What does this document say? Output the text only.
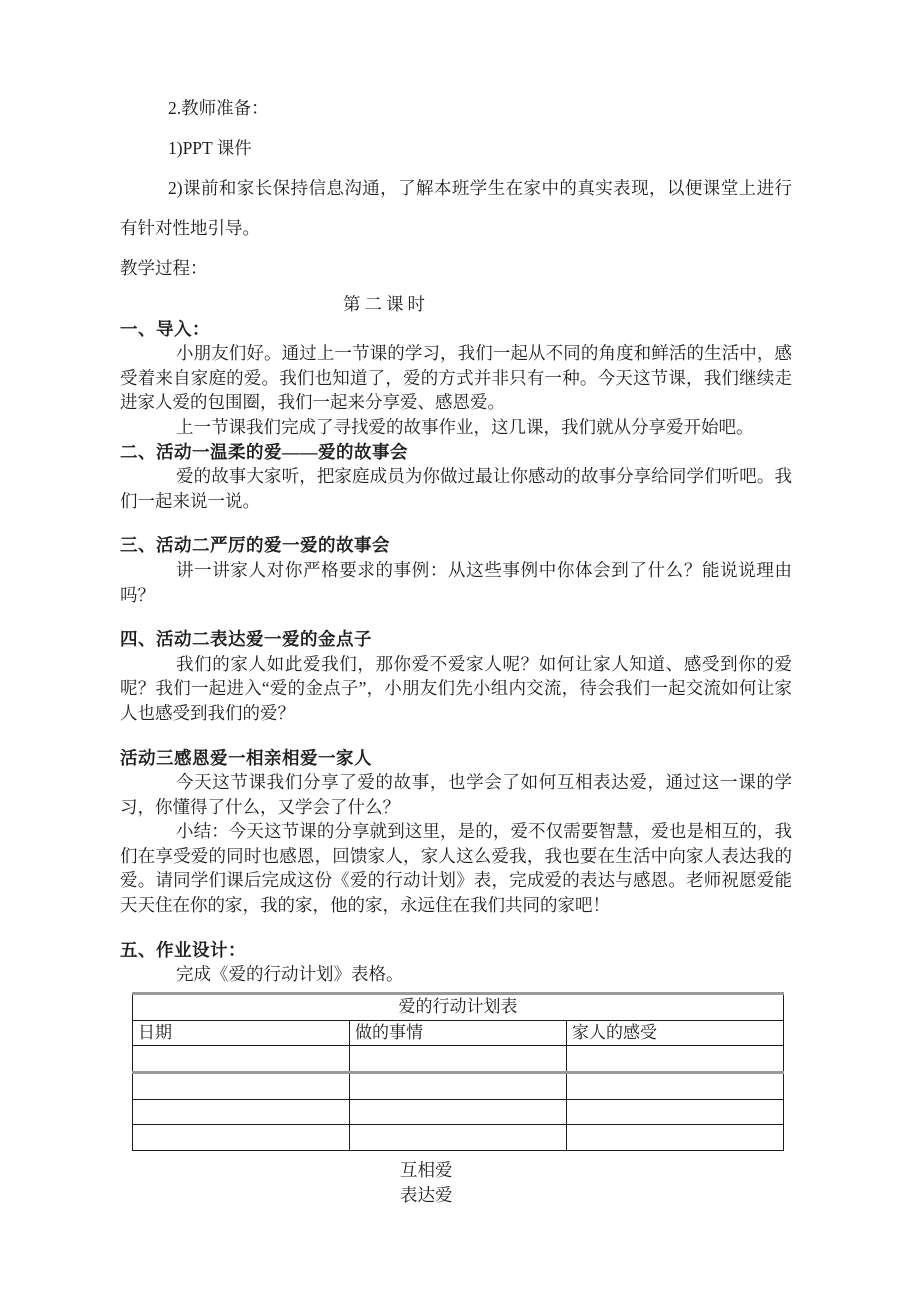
2.教师准备：

1)PPT 课件

2)课前和家长保持信息沟通，了解本班学生在家中的真实表现，以便课堂上进行有针对性地引导。

教学过程：

第二课时

一、导入：

小朋友们好。通过上一节课的学习，我们一起从不同的角度和鲜活的生活中，感受着来自家庭的爱。我们也知道了，爱的方式并非只有一种。今天这节课，我们继续走进家人爱的包围圈，我们一起来分享爱、感恩爱。

上一节课我们完成了寻找爱的故事作业，这几课，我们就从分享爱开始吧。

二、活动一温柔的爱——爱的故事会

爱的故事大家听，把家庭成员为你做过最让你感动的故事分享给同学们听吧。我们一起来说一说。

三、活动二严厉的爱一爱的故事会

讲一讲家人对你严格要求的事例：从这些事例中你体会到了什么？能说说理由吗？

四、活动二表达爱一爱的金点子

我们的家人如此爱我们，那你爱不爱家人呢？如何让家人知道、感受到你的爱呢？我们一起进入“爱的金点子”，小朋友们先小组内交流，待会我们一起交流如何让家人也感受到我们的爱？

活动三感恩爱一相亲相爱一家人

今天这节课我们分享了爱的故事，也学会了如何互相表达爱，通过这一课的学习，你懂得了什么，又学会了什么？

小结：今天这节课的分享就到这里，是的，爱不仅需要智慧，爱也是相互的，我们在享受爱的同时也感恩，回馈家人，家人这么爱我，我也要在生活中向家人表达我的爱。请同学们课后完成这份《爱的行动计划》表，完成爱的表达与感恩。老师祝愿爱能天天住在你的家，我的家，他的家，永远住在我们共同的家吧！

五、作业设计：

完成《爱的行动计划》表格。

爱的行动计划表		
日期	做的事情	家人的感受

互相爱

表达爱
